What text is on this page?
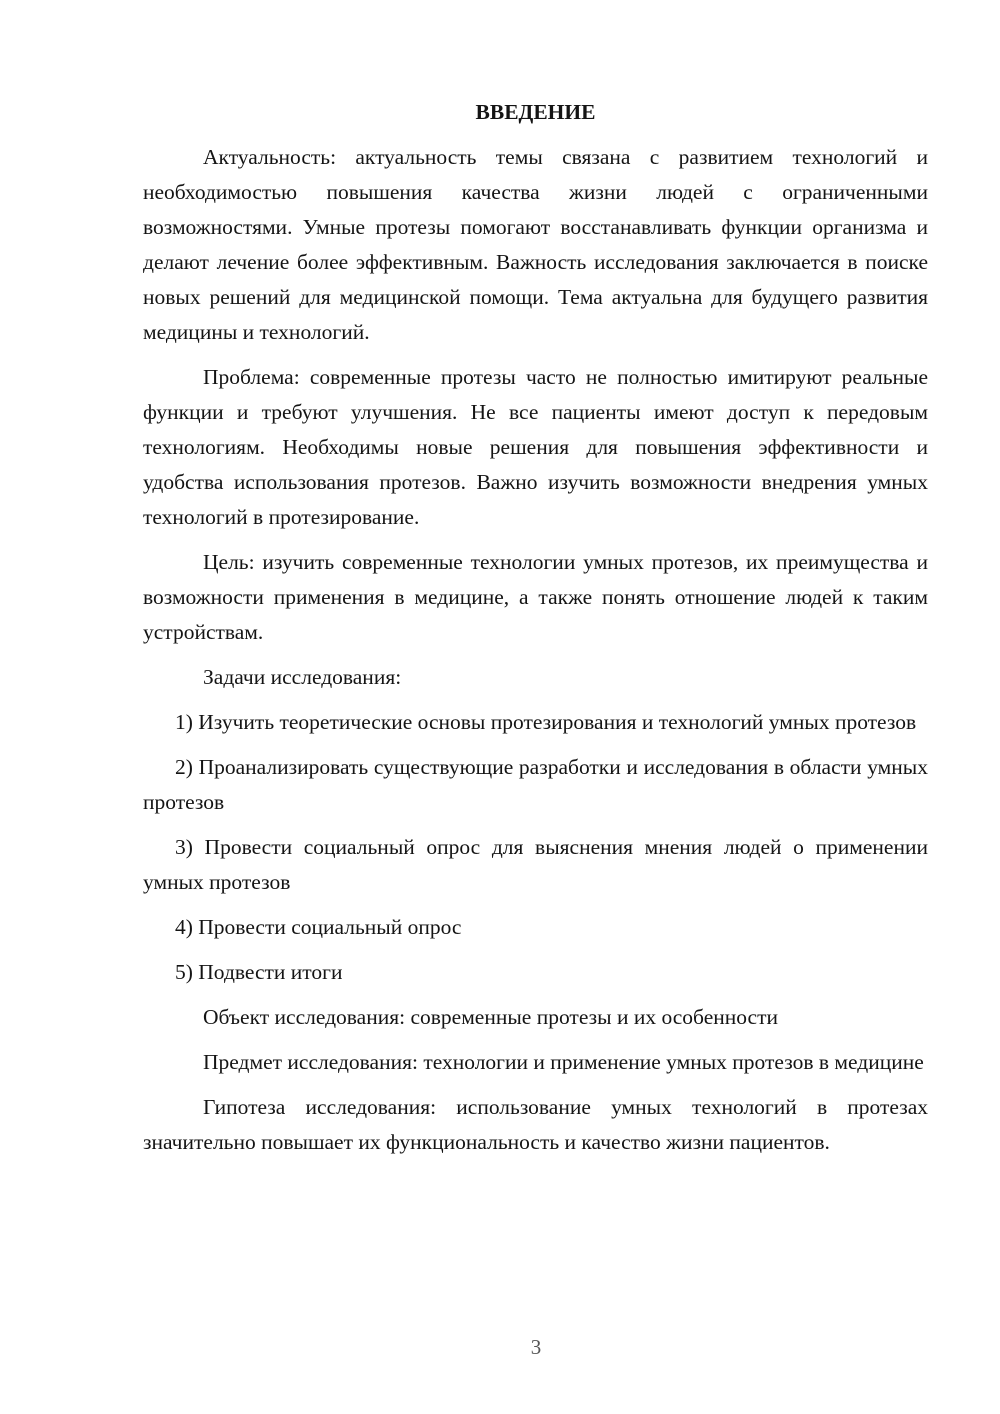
ВВЕДЕНИЕ

Актуальность: актуальность темы связана с развитием технологий и необходимостью повышения качества жизни людей с ограниченными возможностями. Умные протезы помогают восстанавливать функции организма и делают лечение более эффективным. Важность исследования заключается в поиске новых решений для медицинской помощи. Тема актуальна для будущего развития медицины и технологий.

Проблема: современные протезы часто не полностью имитируют реальные функции и требуют улучшения. Не все пациенты имеют доступ к передовым технологиям. Необходимы новые решения для повышения эффективности и удобства использования протезов. Важно изучить возможности внедрения умных технологий в протезирование.

Цель: изучить современные технологии умных протезов, их преимущества и возможности применения в медицине, а также понять отношение людей к таким устройствам.

Задачи исследования:

1) Изучить теоретические основы протезирования и технологий умных протезов

2) Проанализировать существующие разработки и исследования в области умных протезов

3) Провести социальный опрос для выяснения мнения людей о применении умных протезов

4) Провести социальный опрос

5) Подвести итоги

Объект исследования: современные протезы и их особенности

Предмет исследования: технологии и применение умных протезов в медицине

Гипотеза исследования: использование умных технологий в протезах значительно повышает их функциональность и качество жизни пациентов.

3
